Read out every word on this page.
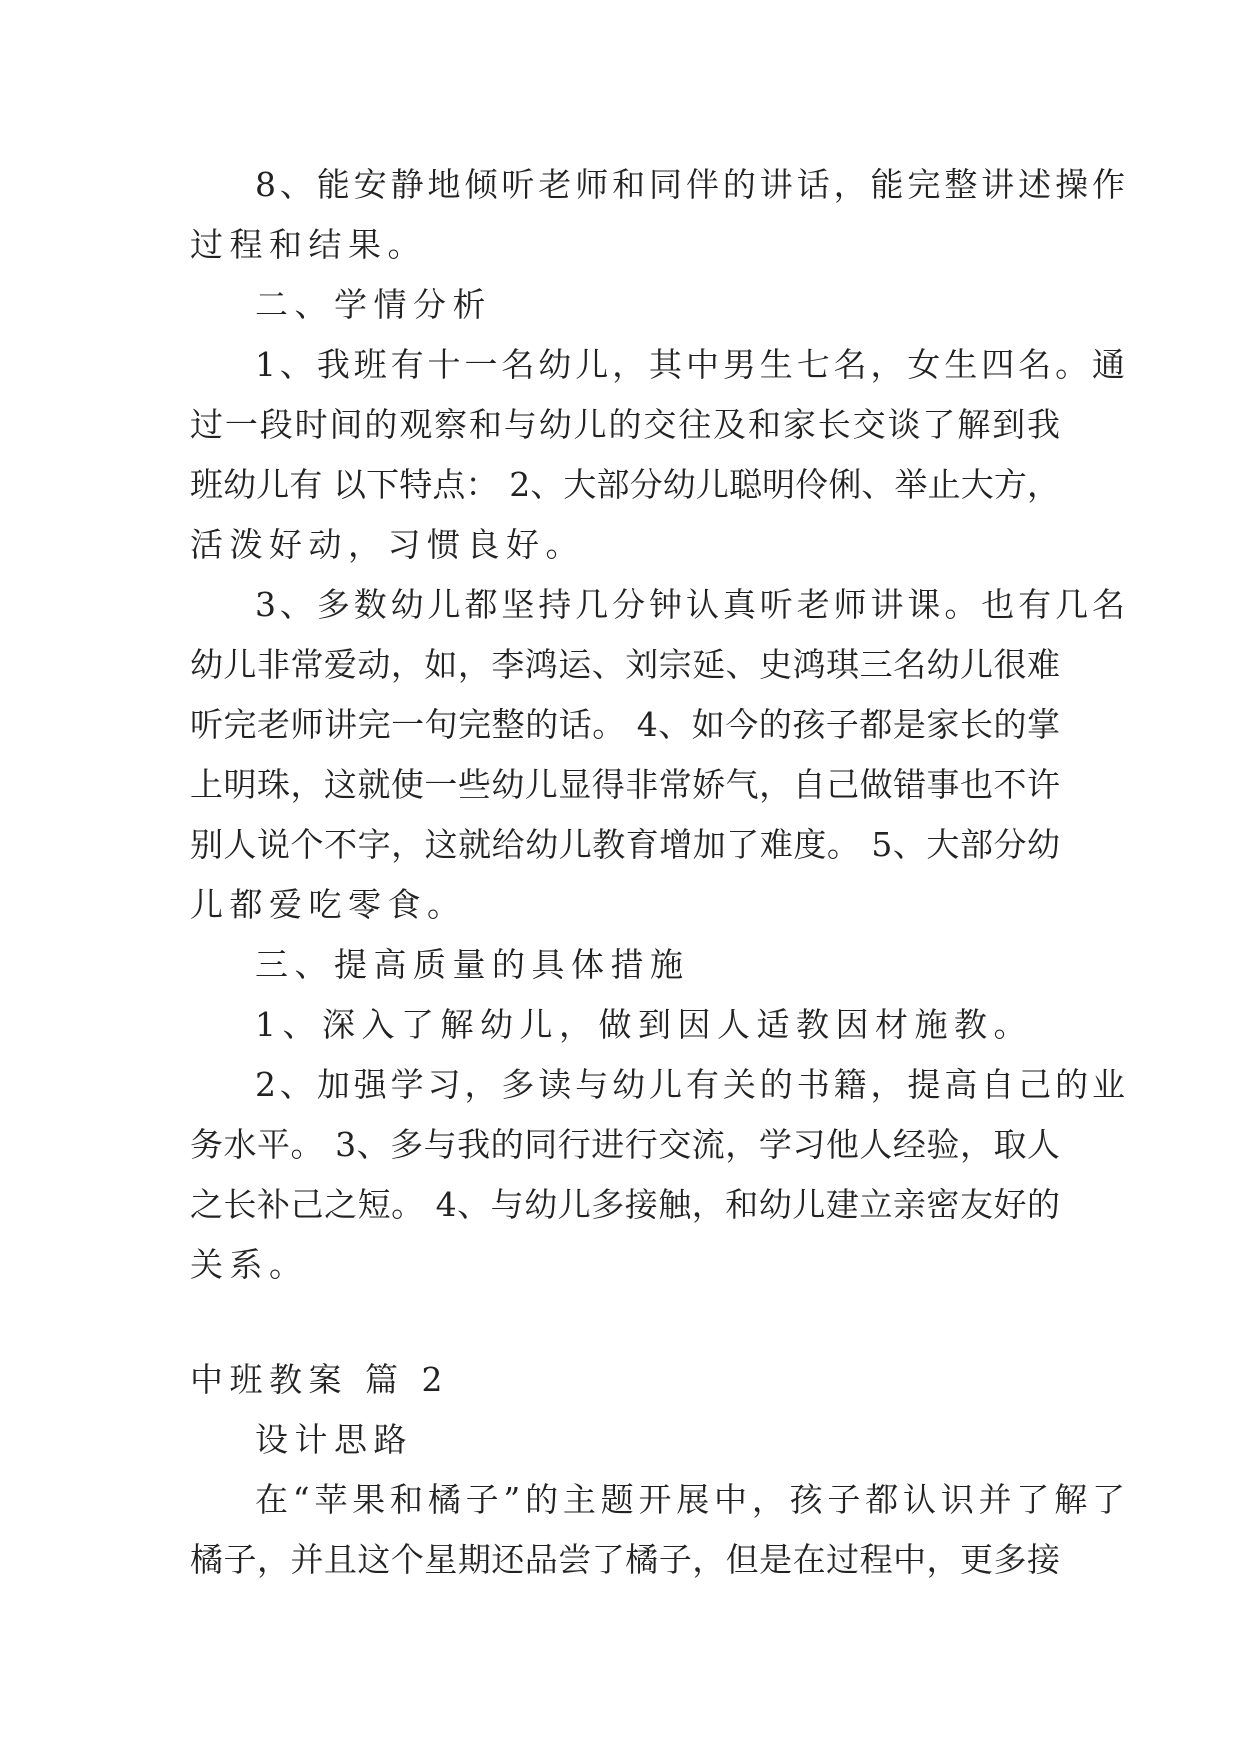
8、能安静地倾听老师和同伴的讲话，能完整讲述操作
过程和结果。
二、学情分析
1、我班有十一名幼儿，其中男生七名，女生四名。通
过一段时间的观察和与幼儿的交往及和家长交谈了解到我
班幼儿有 以下特点： 2、大部分幼儿聪明伶俐、举止大方，
活泼好动，习惯良好。
3、多数幼儿都坚持几分钟认真听老师讲课。也有几名
幼儿非常爱动，如，李鸿运、刘宗延、史鸿琪三名幼儿很难
听完老师讲完一句完整的话。 4、如今的孩子都是家长的掌
上明珠，这就使一些幼儿显得非常娇气，自己做错事也不许
别人说个不字，这就给幼儿教育增加了难度。 5、大部分幼
儿都爱吃零食。
三、提高质量的具体措施
1、深入了解幼儿，做到因人适教因材施教。
2、加强学习，多读与幼儿有关的书籍，提高自己的业
务水平。 3、多与我的同行进行交流，学习他人经验，取人
之长补己之短。 4、与幼儿多接触，和幼儿建立亲密友好的
关系。
中班教案 篇 2
设计思路
在“苹果和橘子”的主题开展中，孩子都认识并了解了
橘子，并且这个星期还品尝了橘子，但是在过程中，更多接
